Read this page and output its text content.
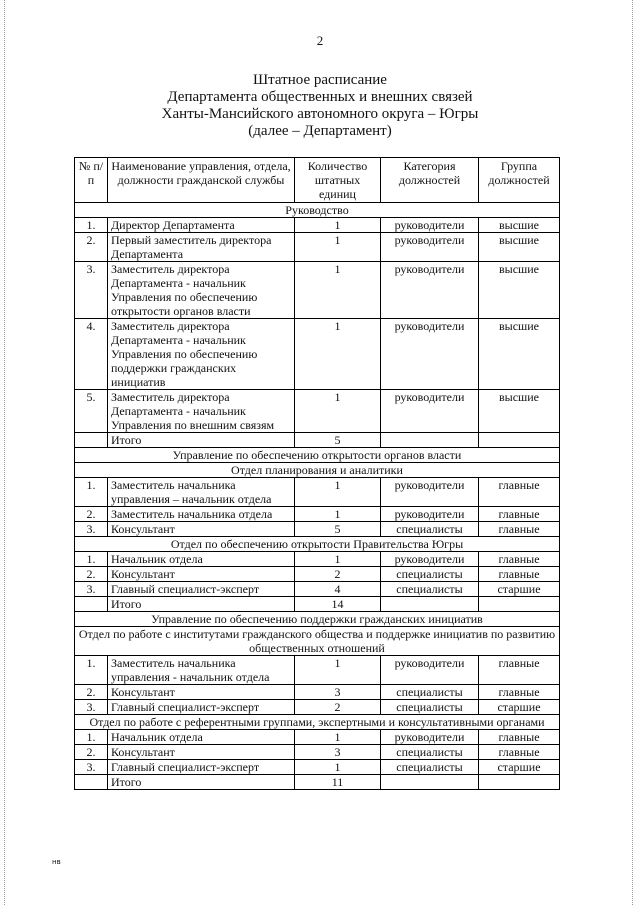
2
Штатное расписание
Департамента общественных и внешних связей
Ханты-Мансийского автономного округа – Югры
(далее – Департамент)
№ п/п	Наименование управления, отдела, должности гражданской службы	Количество штатных единиц	Категория должностей	Группа должностей
Руководство				
1.	Директор Департамента	1	руководители	высшие
2.	Первый заместитель директора Департамента	1	руководители	высшие
3.	Заместитель директора Департамента - начальник Управления по обеспечению открытости органов власти	1	руководители	высшие
4.	Заместитель директора Департамента - начальник Управления по обеспечению поддержки гражданских инициатив	1	руководители	высшие
5.	Заместитель директора Департамента - начальник Управления по внешним связям	1	руководители	высшие
	Итого	5		
Управление по обеспечению открытости органов власти				
Отдел планирования и аналитики				
1.	Заместитель начальника управления – начальник отдела	1	руководители	главные
2.	Заместитель начальника отдела	1	руководители	главные
3.	Консультант	5	специалисты	главные
Отдел по обеспечению открытости Правительства Югры				
1.	Начальник отдела	1	руководители	главные
2.	Консультант	2	специалисты	главные
3.	Главный специалист-эксперт	4	специалисты	старшие
	Итого	14		
Управление по обеспечению поддержки гражданских инициатив				
Отдел по работе с институтами гражданского общества и поддержке инициатив по развитию общественных отношений				
1.	Заместитель начальника управления - начальник отдела	1	руководители	главные
2.	Консультант	3	специалисты	главные
3.	Главный специалист-эксперт	2	специалисты	старшие
Отдел по работе с референтными группами, экспертными и консультативными органами				
1.	Начальник отдела	1	руководители	главные
2.	Консультант	3	специалисты	главные
3.	Главный специалист-эксперт	1	специалисты	старшие
	Итого	11		
нв
